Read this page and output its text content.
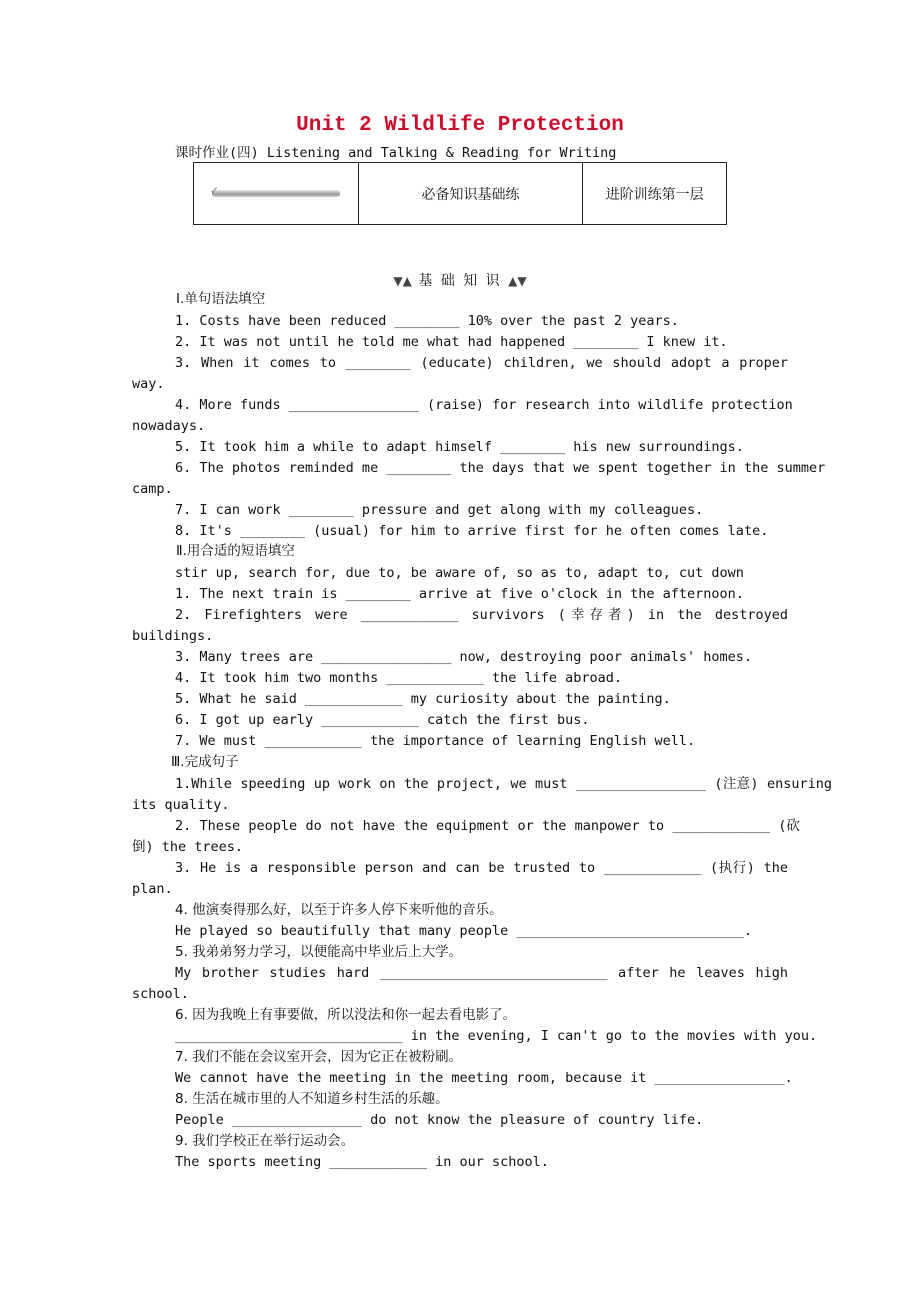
Unit 2 Wildlife Protection
课时作业(四) Listening and Talking & Reading for Writing
✓
必备知识基础练	进阶训练第一层
▼▲ 基 础 知 识 ▲▼
Ⅰ.单句语法填空
1. Costs have been reduced ________ 10% over the past 2 years.
2. It was not until he told me what had happened ________ I knew it.
3. When it comes to ________ (educate) children, we should adopt a proper
way.
4. More funds ________________ (raise) for research into wildlife protection
nowadays.
5. It took him a while to adapt himself ________ his new surroundings.
6. The photos reminded me ________ the days that we spent together in the summer
camp.
7. I can work ________ pressure and get along with my colleagues.
8. It's ________ (usual) for him to arrive first for he often comes late.
Ⅱ.用合适的短语填空
stir up, search for, due to, be aware of, so as to, adapt to, cut down
1. The next train is ________ arrive at five o'clock in the afternoon.
2. Firefighters were ____________ survivors (幸存者) in the destroyed
buildings.
3. Many trees are ________________ now, destroying poor animals' homes.
4. It took him two months ____________ the life abroad.
5. What he said ____________ my curiosity about the painting.
6. I got up early ____________ catch the first bus.
7. We must ____________ the importance of learning English well.
Ⅲ.完成句子
1.While speeding up work on the project, we must ________________ (注意) ensuring
its quality.
2. These people do not have the equipment or the manpower to ____________ (砍
倒) the trees.
3. He is a responsible person and can be trusted to ____________ (执行) the
plan.
4. 他演奏得那么好，以至于许多人停下来听他的音乐。
He played so beautifully that many people ____________________________.
5. 我弟弟努力学习，以便能高中毕业后上大学。
My brother studies hard ____________________________ after he leaves high
school.
6. 因为我晚上有事要做，所以没法和你一起去看电影了。
____________________________ in the evening, I can't go to the movies with you.
7. 我们不能在会议室开会，因为它正在被粉刷。
We cannot have the meeting in the meeting room, because it ________________.
8. 生活在城市里的人不知道乡村生活的乐趣。
People ________________ do not know the pleasure of country life.
9. 我们学校正在举行运动会。
The sports meeting ____________ in our school.
